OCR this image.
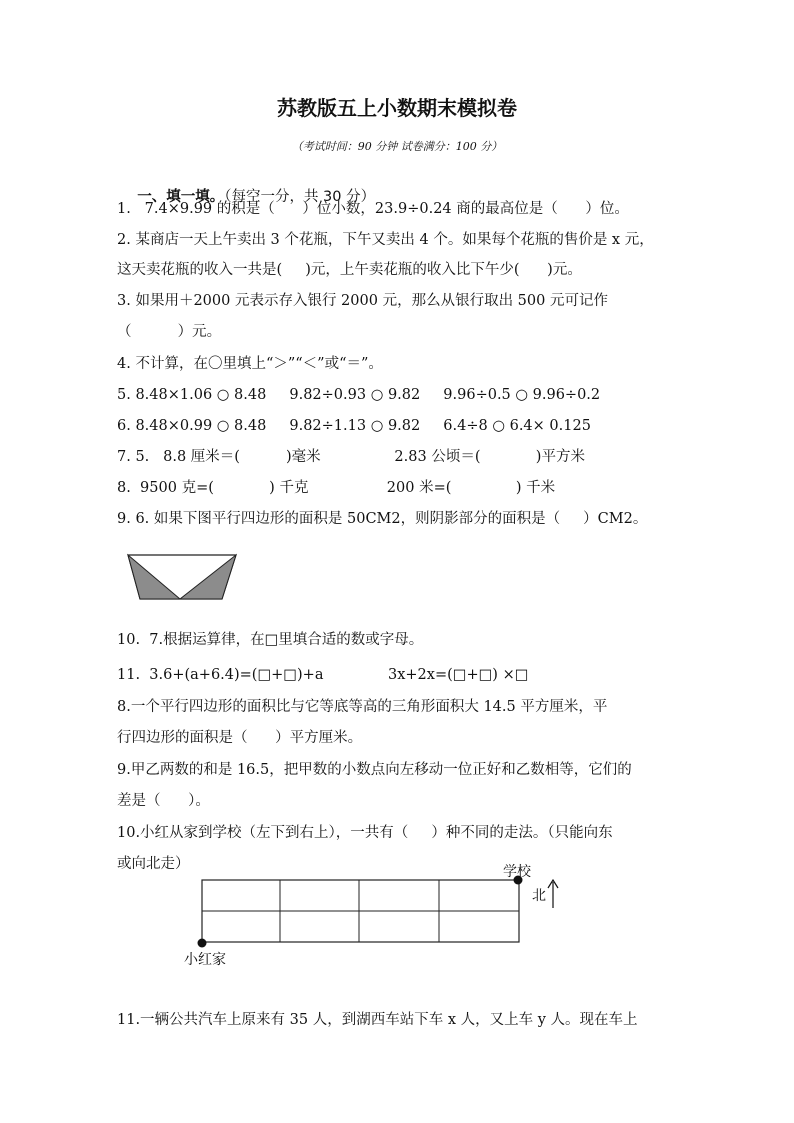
苏教版五上小数期末模拟卷
（考试时间：90 分钟 试卷满分：100 分）

一、填一填。（每空一分，共 30 分）

1.   7.4×9.99 的积是（      ）位小数，23.9÷0.24 商的最高位是（      ）位。
2. 某商店一天上午卖出 3 个花瓶，下午又卖出 4 个。如果每个花瓶的售价是 x 元，
这天卖花瓶的收入一共是(     )元，上午卖花瓶的收入比下午少(      )元。
3. 如果用＋2000 元表示存入银行 2000 元，那么从银行取出 500 元可记作
（          ）元。
4. 不计算，在〇里填上“＞”“＜”或“＝”。
5. 8.48×1.06 ○ 8.48     9.82÷0.93 ○ 9.82     9.96÷0.5 ○ 9.96÷0.2
6. 8.48×0.99 ○ 8.48     9.82÷1.13 ○ 9.82     6.4÷8 ○ 6.4× 0.125
7. 5.   8.8 厘米＝(          )毫米                2.83 公顷＝(            )平方米
8.  9500 克=(            ) 千克                 200 米=(              ) 千米
9. 6. 如果下图平行四边形的面积是 50CM2，则阴影部分的面积是（     ）CM2。
10.  7.根据运算律，在□里填合适的数或字母。
11.  3.6+(a+6.4)=(□+□)+a              3x+2x=(□+□) ×□
8.一个平行四边形的面积比与它等底等高的三角形面积大 14.5 平方厘米，平
行四边形的面积是（      ）平方厘米。
9.甲乙两数的和是 16.5，把甲数的小数点向左移动一位正好和乙数相等，它们的
差是（      ）。
10.小红从家到学校（左下到右上），一共有（     ）种不同的走法。（只能向东
或向北走）	学校
北
小红家
11.一辆公共汽车上原来有 35 人，到湖西车站下车 x 人，又上车 y 人。现在车上
